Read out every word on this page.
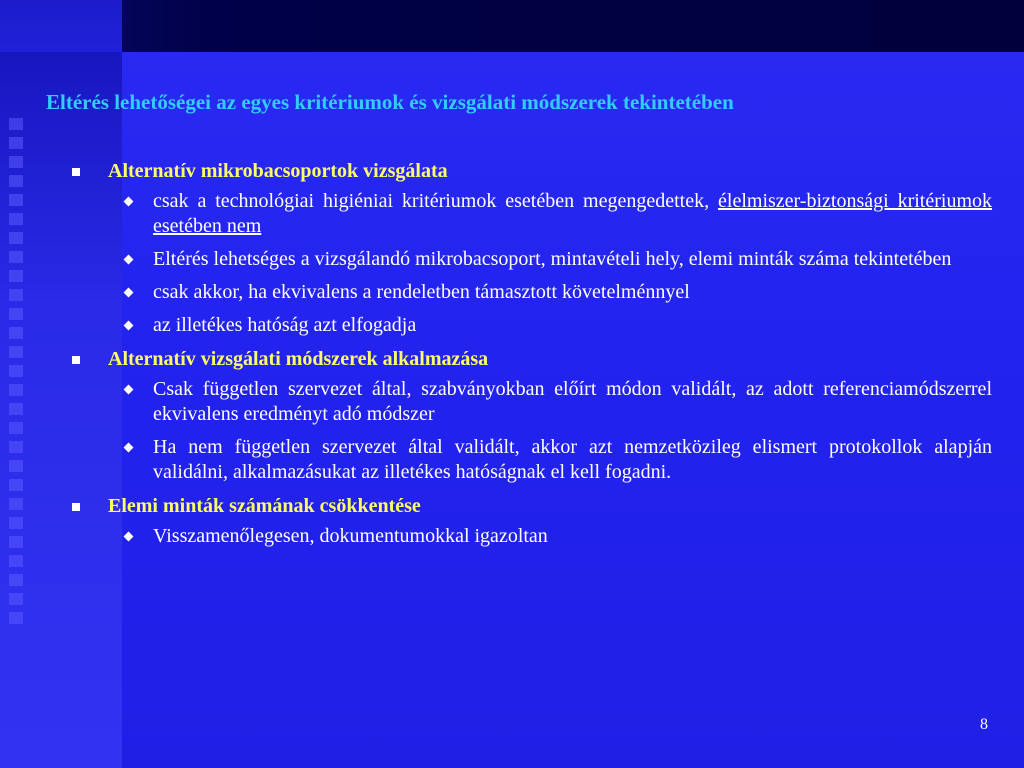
Eltérés lehetőségei az egyes kritériumok és vizsgálati módszerek tekintetében
Alternatív mikrobacsoportok vizsgálata
csak a technológiai higiéniai kritériumok esetében megengedettek, élelmiszer-biztonsági kritériumok esetében nem
Eltérés lehetséges a vizsgálandó mikrobacsoport, mintavételi hely, elemi minták száma tekintetében
csak akkor, ha ekvivalens a rendeletben támasztott követelménnyel
az illetékes hatóság azt elfogadja
Alternatív vizsgálati módszerek alkalmazása
Csak független szervezet által, szabványokban előírt módon validált, az adott referenciamódszerrel ekvivalens eredményt adó módszer
Ha nem független szervezet által validált, akkor azt nemzetközileg elismert protokollok alapján validálni, alkalmazásukat az illetékes hatóságnak el kell fogadni.
Elemi minták számának csökkentése
Visszamenőlegesen, dokumentumokkal igazoltan
8
